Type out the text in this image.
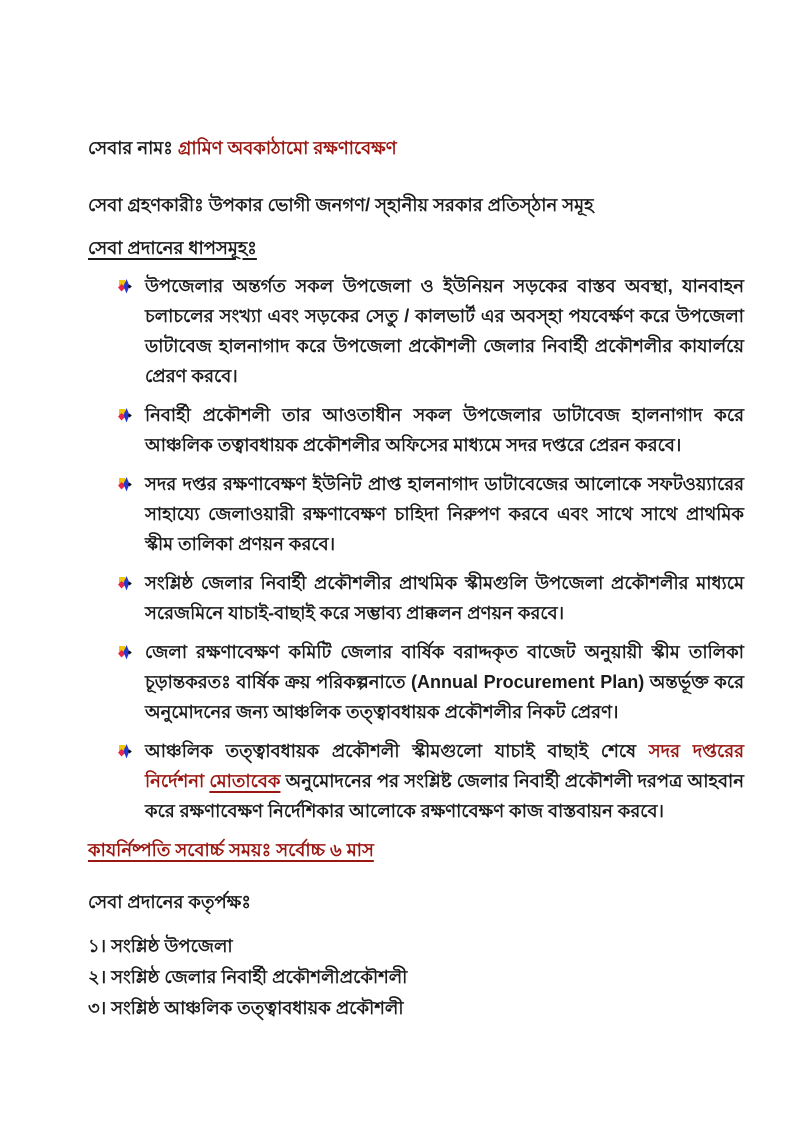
সেবার নামঃ গ্রামিণ অবকাঠামো রক্ষণাবেক্ষণ

সেবা গ্রহণকারীঃ উপকার ভোগী জনগণ/ স্হানীয় সরকার প্রতিস্ঠান সমূহ

সেবা প্রদানের ধাপসমূহঃ

উপজেলার অন্তর্গত সকল উপজেলা ও ইউনিয়ন সড়কের বাস্তব অবস্থা, যানবাহন চলাচলের সংখ্যা এবং সড়কের সেতু / কালভার্ট এর অবস্হা পযবের্ক্ষণ করে উপজেলা ডাটাবেজ হালনাগাদ করে উপজেলা প্রকৌশলী জেলার নিবার্হী প্রকৌশলীর কাযার্লয়ে প্রেরণ করবে।
নিবার্হী প্রকৌশলী তার আওতাধীন সকল উপজেলার ডাটাবেজ হালনাগাদ করে আঞ্চলিক তত্বাবধায়ক প্রকৌশলীর অফিসের মাধ্যমে সদর দপ্তরে প্রেরন করবে।
সদর দপ্তর রক্ষণাবেক্ষণ ইউনিট প্রাপ্ত হালনাগাদ ডাটাবেজের আলোকে সফটওয়্যারের সাহায্যে জেলাওয়ারী রক্ষণাবেক্ষণ চাহিদা নিরুপণ করবে এবং সাথে সাথে প্রাথমিক স্কীম তালিকা প্রণয়ন করবে।
সংশ্লিষ্ঠ জেলার নিবার্হী প্রকৌশলীর প্রাথমিক স্কীমগুলি উপজেলা প্রকৌশলীর মাধ্যমে সরেজমিনে যাচাই-বাছাই করে সম্ভাব্য প্রাক্কলন প্রণয়ন করবে।
জেলা রক্ষণাবেক্ষণ কমিটি জেলার বার্ষিক বরাদ্দকৃত বাজেট অনুয়ায়ী স্কীম তালিকা চূড়ান্তকরতঃ বার্ষিক ক্রয় পরিকল্পনাতে (Annual Procurement Plan) অন্তর্ভূক্ত করে অনুমোদনের জন্য আঞ্চলিক তত্ত্বাবধায়ক প্রকৌশলীর নিকট প্রেরণ।
আঞ্চলিক তত্ত্বাবধায়ক প্রকৌশলী স্কীমগুলো যাচাই বাছাই শেষে সদর দপ্তরের নির্দেশনা মোতাবেক অনুমোদনের পর সংশ্লিষ্ট জেলার নিবার্হী প্রকৌশলী দরপত্র আহবান করে রক্ষণাবেক্ষণ নির্দেশিকার আলোকে রক্ষণাবেক্ষণ কাজ বাস্তবায়ন করবে।

কাযর্নিষ্পতি সবোর্চ্চ সময়ঃ সর্বোচ্চ ৬ মাস

সেবা প্রদানের কতৃর্পক্ষঃ

১। সংশ্লিষ্ঠ উপজেলা

২। সংশ্লিষ্ঠ জেলার নিবার্হী প্রকৌশলীপ্রকৌশলী

৩। সংশ্লিষ্ঠ আঞ্চলিক তত্ত্বাবধায়ক প্রকৌশলী
